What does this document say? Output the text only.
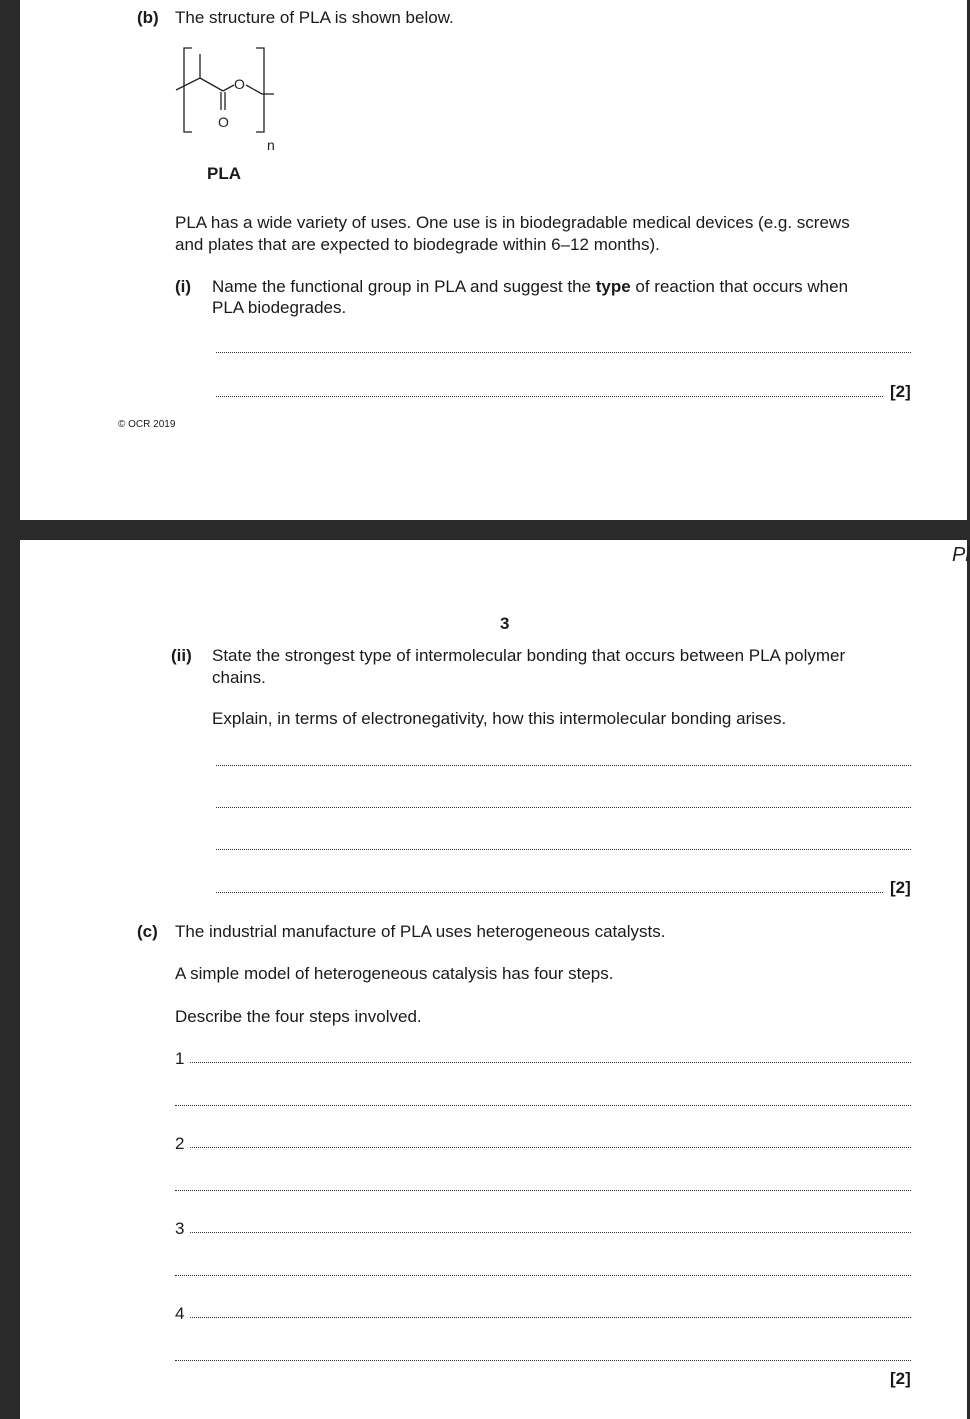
(b) The structure of PLA is shown below.
O
O
n
PLA
PLA has a wide variety of uses. One use is in biodegradable medical devices (e.g. screws
and plates that are expected to biodegrade within 6–12 months).
(i) Name the functional group in PLA and suggest the type of reaction that occurs when
PLA biodegrades.
[2]
© OCR 2019
Pl
3
(ii) State the strongest type of intermolecular bonding that occurs between PLA polymer
chains.
Explain, in terms of electronegativity, how this intermolecular bonding arises.
[2]
(c) The industrial manufacture of PLA uses heterogeneous catalysts.
A simple model of heterogeneous catalysis has four steps.
Describe the four steps involved.
1
2
3
4
[2]
